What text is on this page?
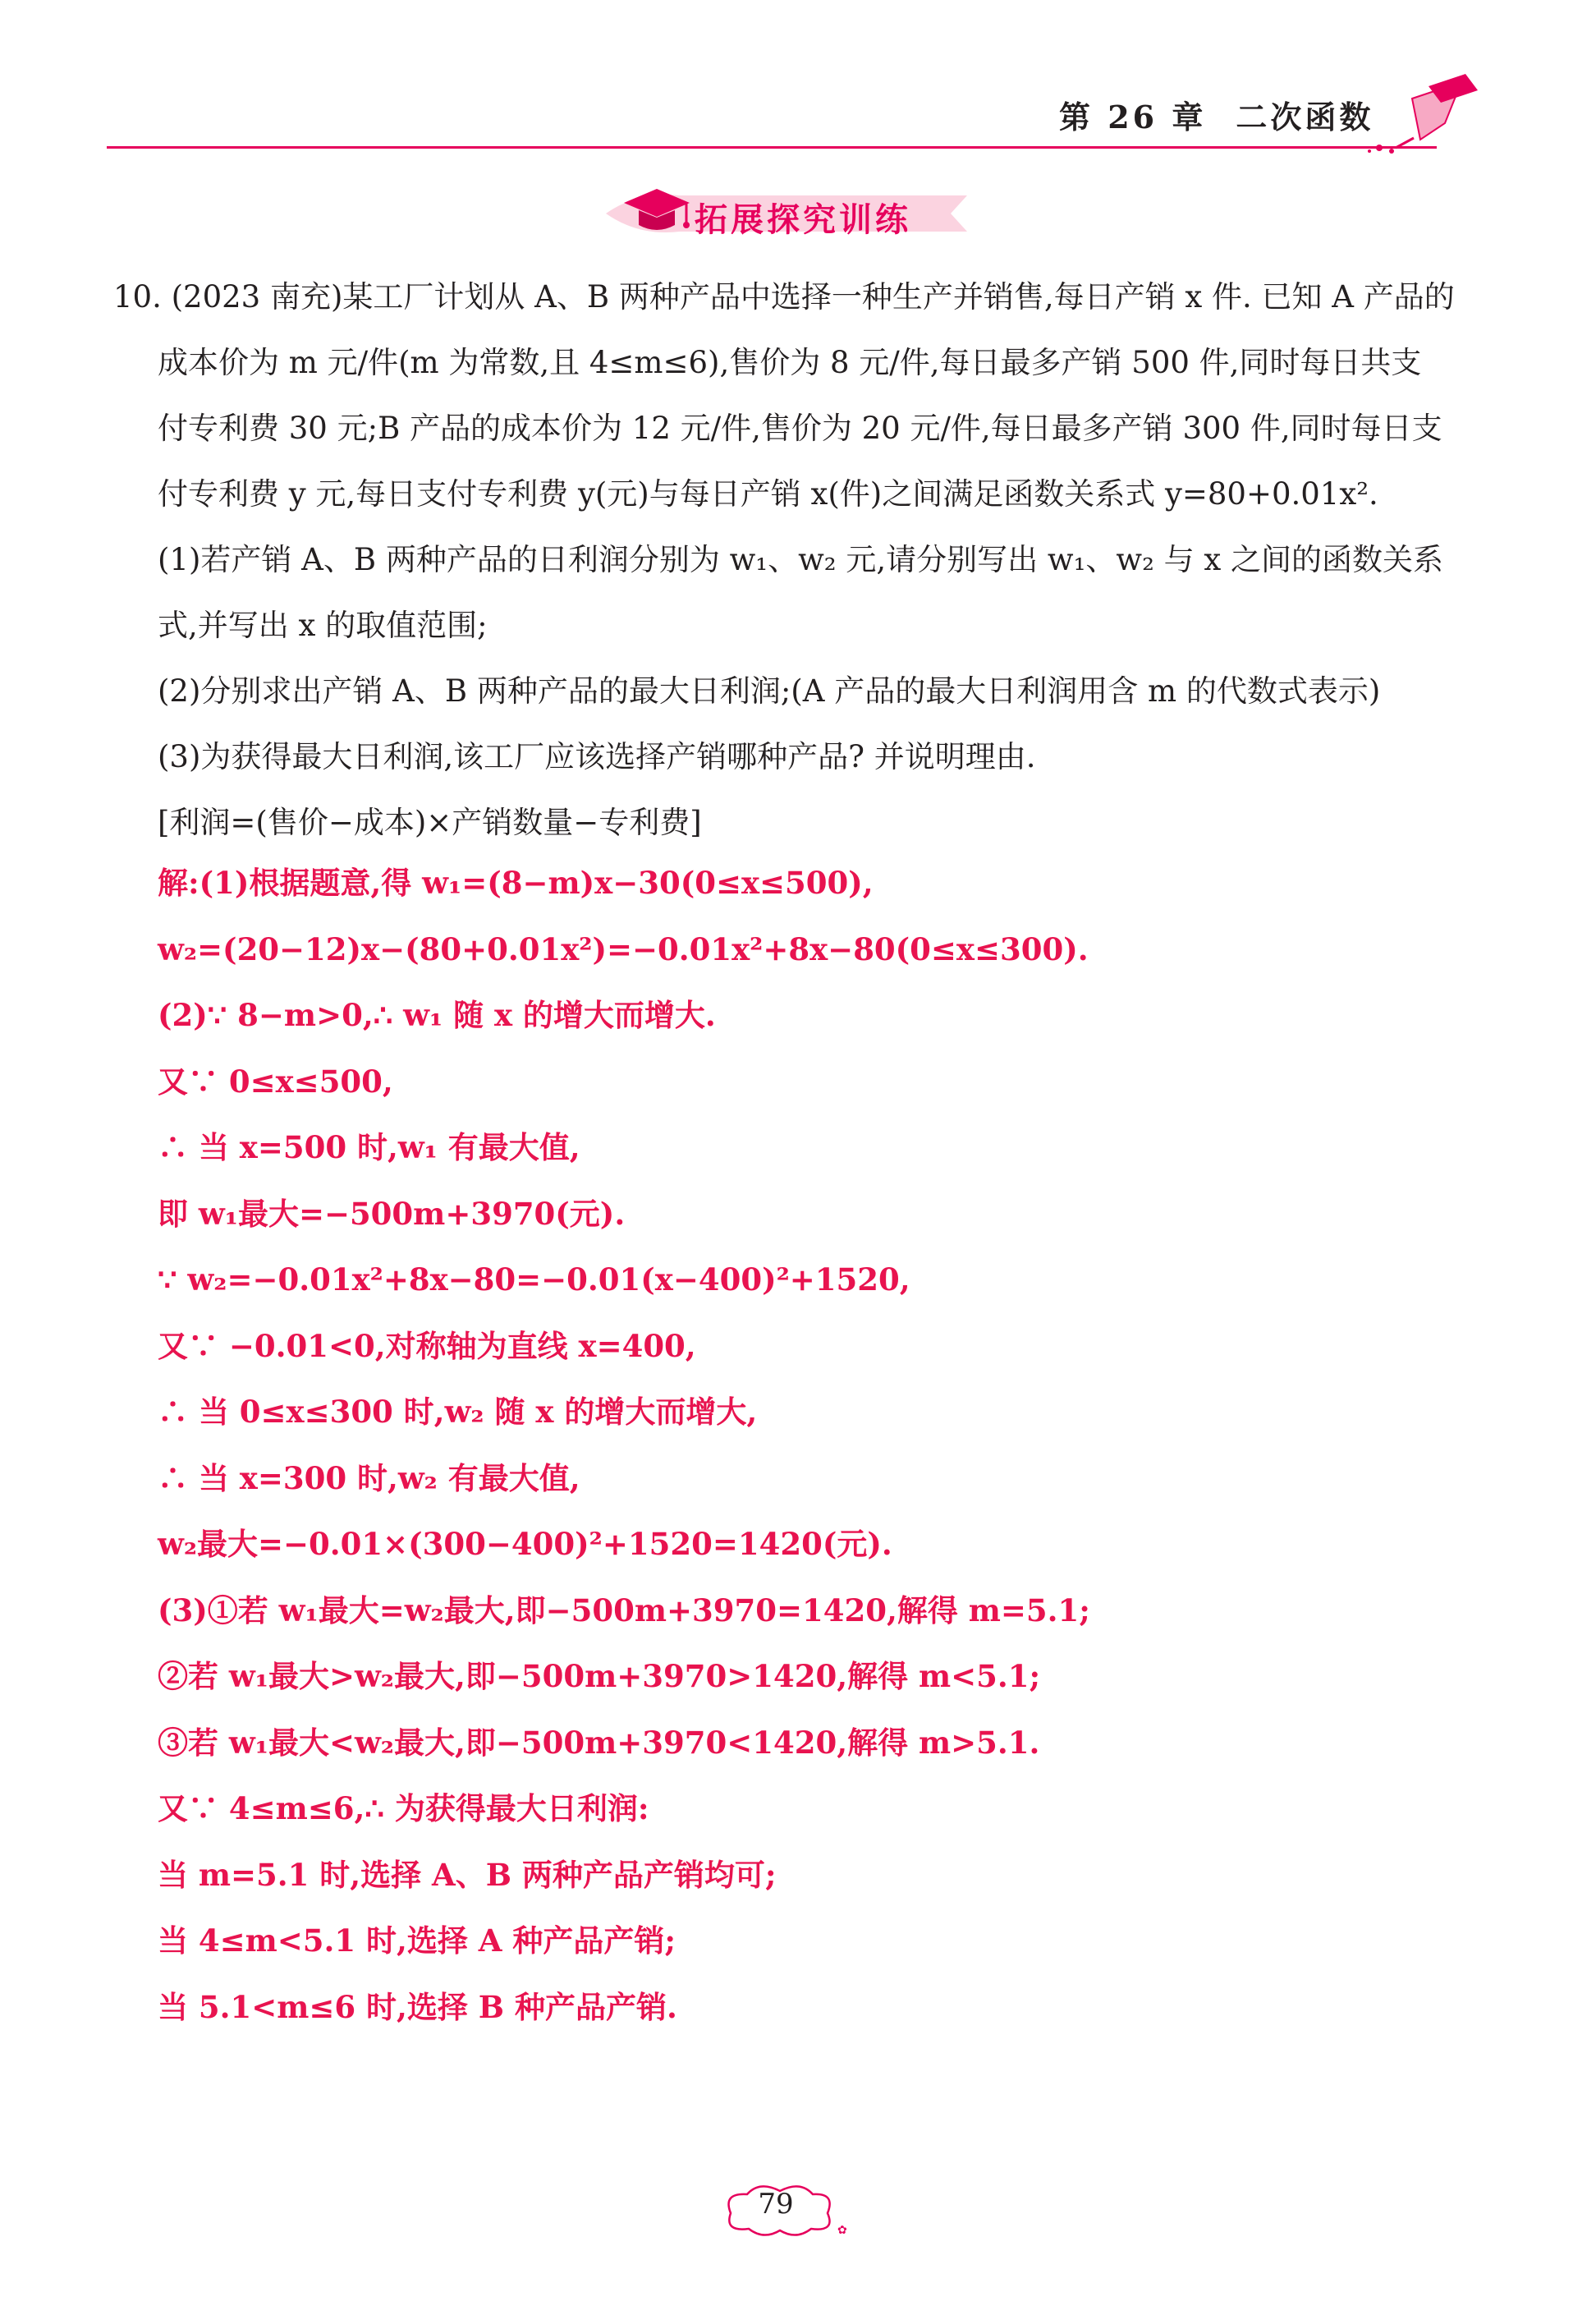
第 26 章 二次函数
拓展探究训练

10. (2023 南充)某工厂计划从 A、B 两种产品中选择一种生产并销售,每日产销 x 件. 已知 A 产品的

成本价为 m 元/件(m 为常数,且 4≤m≤6),售价为 8 元/件,每日最多产销 500 件,同时每日共支

付专利费 30 元;B 产品的成本价为 12 元/件,售价为 20 元/件,每日最多产销 300 件,同时每日支

付专利费 y 元,每日支付专利费 y(元)与每日产销 x(件)之间满足函数关系式 y=80+0.01x².

(1)若产销 A、B 两种产品的日利润分别为 w₁、w₂ 元,请分别写出 w₁、w₂ 与 x 之间的函数关系

式,并写出 x 的取值范围;

(2)分别求出产销 A、B 两种产品的最大日利润;(A 产品的最大日利润用含 m 的代数式表示)

(3)为获得最大日利润,该工厂应该选择产销哪种产品? 并说明理由.

[利润=(售价−成本)×产销数量−专利费]

解:(1)根据题意,得 w₁=(8−m)x−30(0≤x≤500),

w₂=(20−12)x−(80+0.01x²)=−0.01x²+8x−80(0≤x≤300).

(2)∵ 8−m>0,∴ w₁ 随 x 的增大而增大.

又∵ 0≤x≤500,

∴ 当 x=500 时,w₁ 有最大值,

即 w₁最大=−500m+3970(元).

∵ w₂=−0.01x²+8x−80=−0.01(x−400)²+1520,

又∵ −0.01<0,对称轴为直线 x=400,

∴ 当 0≤x≤300 时,w₂ 随 x 的增大而增大,

∴ 当 x=300 时,w₂ 有最大值,

w₂最大=−0.01×(300−400)²+1520=1420(元).

(3)①若 w₁最大=w₂最大,即−500m+3970=1420,解得 m=5.1;

②若 w₁最大>w₂最大,即−500m+3970>1420,解得 m<5.1;

③若 w₁最大<w₂最大,即−500m+3970<1420,解得 m>5.1.

又∵ 4≤m≤6,∴ 为获得最大日利润:

当 m=5.1 时,选择 A、B 两种产品产销均可;

当 4≤m<5.1 时,选择 A 种产品产销;

当 5.1<m≤6 时,选择 B 种产品产销.

✿
79
